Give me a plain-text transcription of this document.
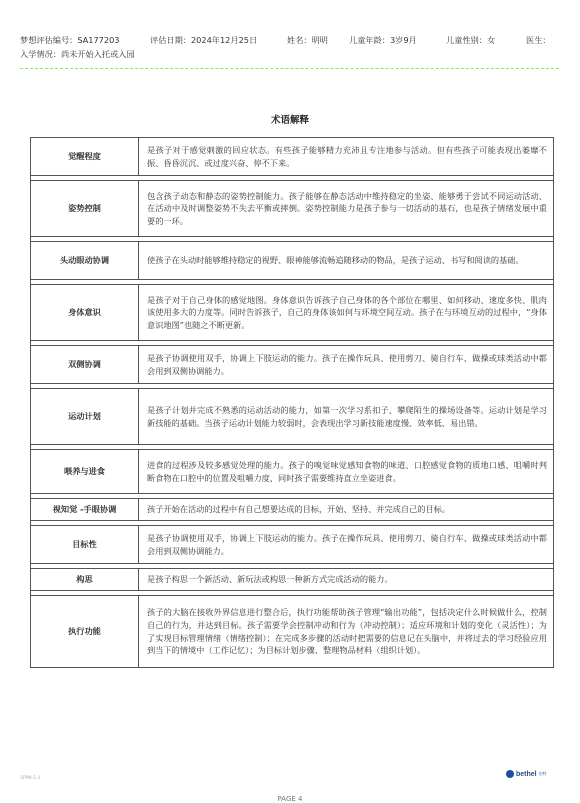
梦想评估编号：SA177203	评估日期：2024年12月25日	姓名：明明	儿童年龄：3岁9月	儿童性别：女	医生：
入学情况：尚未开始入托或入园
术语解释
觉醒程度	是孩子对于感觉刺激的回应状态。有些孩子能够精力充沛且专注地参与活动。但有些孩子可能表现出萎靡不振、昏昏沉沉、或过度兴奋、停不下来。

姿势控制	包含孩子动态和静态的姿势控制能力。孩子能够在静态活动中维持稳定的坐姿、能够勇于尝试不同运动活动、在活动中及时调整姿势不失去平衡或摔倒。姿势控制能力是孩子参与一切活动的基石，也是孩子情绪发展中重要的一环。

头动眼动协调	使孩子在头动时能够维持稳定的视野、眼神能够流畅追随移动的物品，是孩子运动、书写和阅读的基础。

身体意识	是孩子对于自己身体的感觉地图。身体意识告诉孩子自己身体的各个部位在哪里、如何移动、速度多快、肌肉该使用多大的力度等。同时告诉孩子，自己的身体该如何与环境空间互动。孩子在与环境互动的过程中，“身体意识地图”也随之不断更新。

双侧协调	是孩子协调使用双手，协调上下肢运动的能力。孩子在操作玩具、使用剪刀、骑自行车、做操或球类活动中都会用到双侧协调能力。

运动计划	是孩子计划并完成不熟悉的运动活动的能力，如第一次学习系扣子、攀爬陌生的操场设备等。运动计划是学习新技能的基础。当孩子运动计划能力较弱时，会表现出学习新技能速度慢、效率低、易出错。

喂养与进食	进食的过程涉及较多感觉处理的能力。孩子的嗅觉味觉感知食物的味道、口腔感觉食物的质地口感、咀嚼时判断食物在口腔中的位置及咀嚼力度，同时孩子需要维持直立坐姿进食。

视知觉 -手眼协调	孩子开始在活动的过程中有自己想要达成的目标，开始、坚持、并完成自己的目标。

目标性	是孩子协调使用双手，协调上下肢运动的能力。孩子在操作玩具、使用剪刀、骑自行车、做操或球类活动中都会用到双侧协调能力。

构思	是孩子构思一个新活动、新玩法或构思一种新方式完成活动的能力。

执行功能	孩子的大脑在接收外界信息进行整合后，执行功能帮助孩子管理“输出功能”，包括决定什么时候做什么，控制自己的行为，并达到目标。孩子需要学会控制冲动和行为（冲动控制）；适应环境和计划的变化（灵活性）；为了实现目标管理情绪（情绪控制）；在完成多步骤的活动时把需要的信息记在头脑中，并将过去的学习经验应用到当下的情境中（工作记忆）；为目标计划步骤、整理物品材料（组织计划）。
SPPN-1.1
bethel 伯特
PAGE 4
